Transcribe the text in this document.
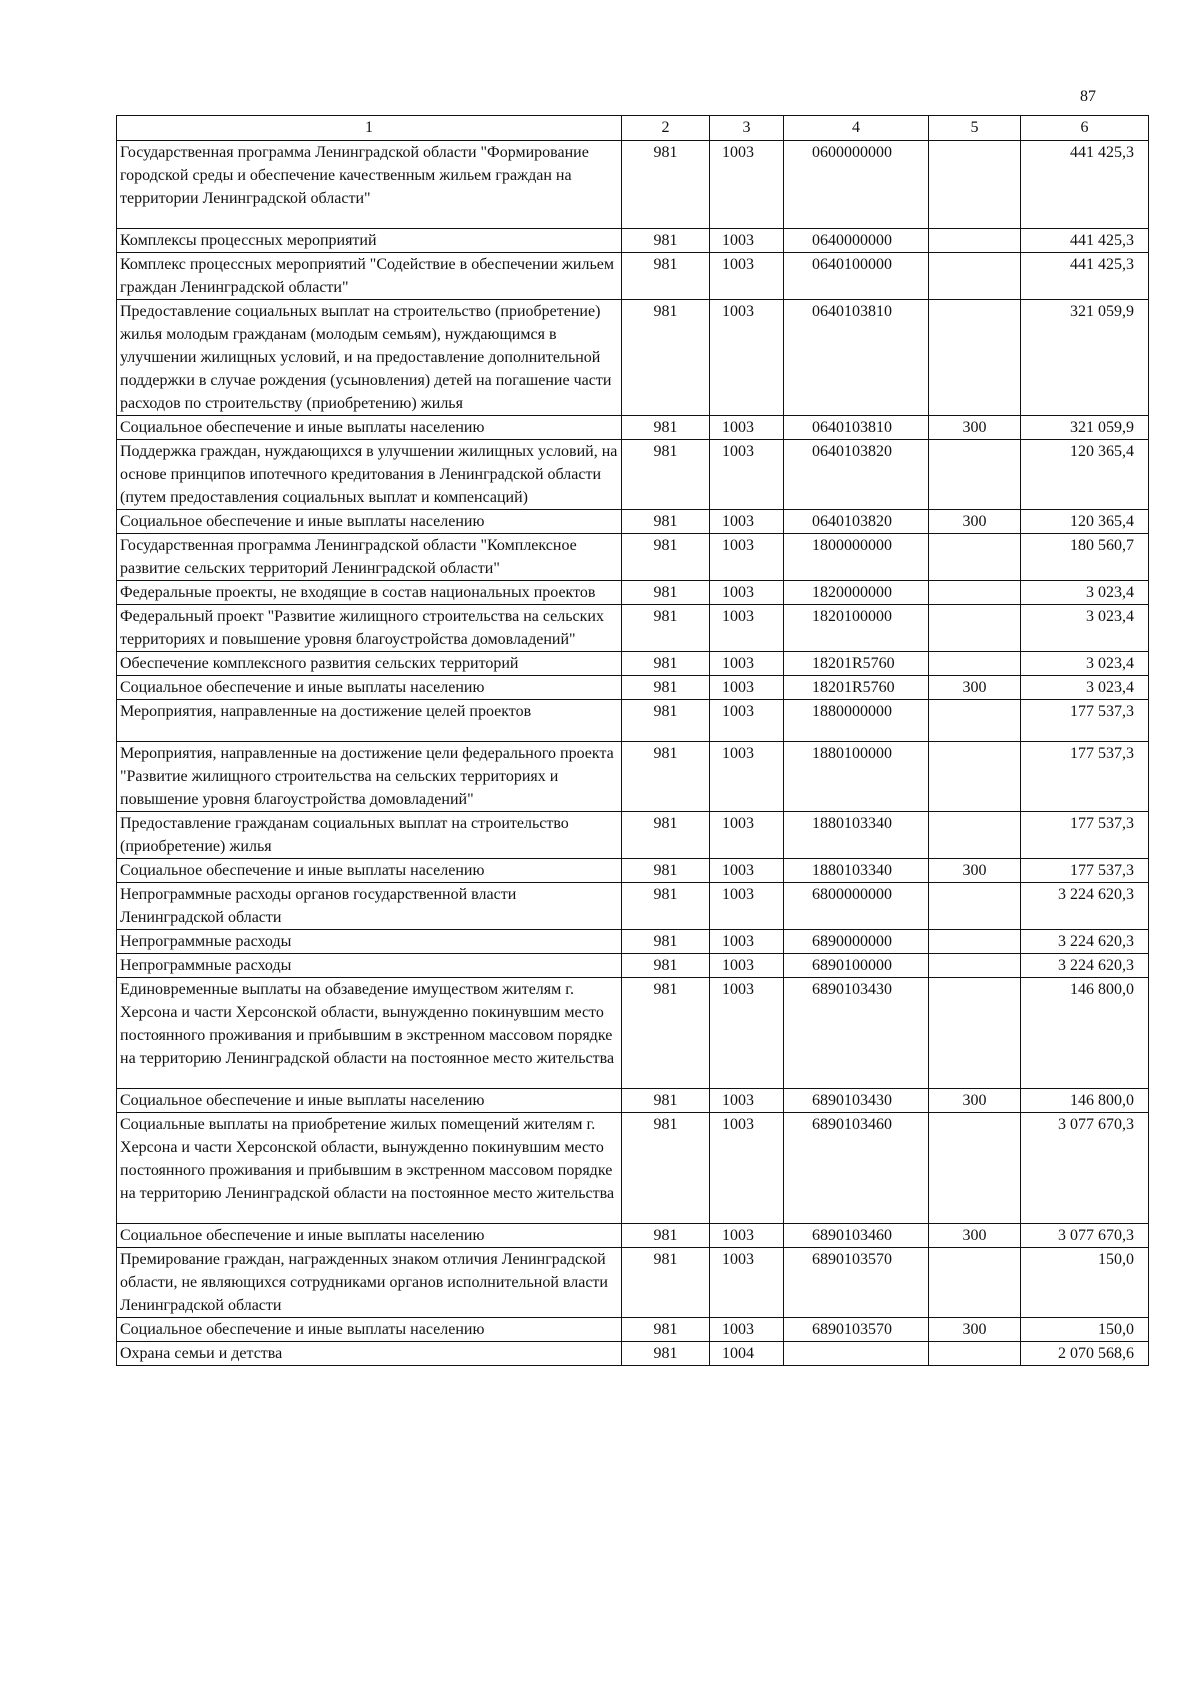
87
1	2	3	4	5	6
Государственная программа Ленинградской области "Формирование городской среды и обеспечение качественным жильем граждан на территории Ленинградской области"	981	1003	0600000000		441 425,3
Комплексы процессных мероприятий	981	1003	0640000000		441 425,3
Комплекс процессных мероприятий "Содействие в обеспечении жильем граждан Ленинградской области"	981	1003	0640100000		441 425,3
Предоставление социальных выплат на строительство (приобретение) жилья молодым гражданам (молодым семьям), нуждающимся в улучшении жилищных условий, и на предоставление дополнительной поддержки в случае рождения (усыновления) детей на погашение части расходов по строительству (приобретению) жилья	981	1003	0640103810		321 059,9
Социальное обеспечение и иные выплаты населению	981	1003	0640103810	300	321 059,9
Поддержка граждан, нуждающихся в улучшении жилищных условий, на основе принципов ипотечного кредитования в Ленинградской области (путем предоставления социальных выплат и компенсаций)	981	1003	0640103820		120 365,4
Социальное обеспечение и иные выплаты населению	981	1003	0640103820	300	120 365,4
Государственная программа Ленинградской области "Комплексное развитие сельских территорий Ленинградской области"	981	1003	1800000000		180 560,7
Федеральные проекты, не входящие в состав национальных проектов	981	1003	1820000000		3 023,4
Федеральный проект "Развитие жилищного строительства на сельских территориях и повышение уровня благоустройства домовладений"	981	1003	1820100000		3 023,4
Обеспечение комплексного развития сельских территорий	981	1003	18201R5760		3 023,4
Социальное обеспечение и иные выплаты населению	981	1003	18201R5760	300	3 023,4
Мероприятия, направленные на достижение целей проектов	981	1003	1880000000		177 537,3
Мероприятия, направленные на достижение цели федерального проекта "Развитие жилищного строительства на сельских территориях и повышение уровня благоустройства домовладений"	981	1003	1880100000		177 537,3
Предоставление гражданам социальных выплат на строительство (приобретение) жилья	981	1003	1880103340		177 537,3
Социальное обеспечение и иные выплаты населению	981	1003	1880103340	300	177 537,3
Непрограммные расходы органов государственной власти Ленинградской области	981	1003	6800000000		3 224 620,3
Непрограммные расходы	981	1003	6890000000		3 224 620,3
Непрограммные расходы	981	1003	6890100000		3 224 620,3
Единовременные выплаты на обзаведение имуществом жителям г. Херсона и части Херсонской области, вынужденно покинувшим место постоянного проживания и прибывшим в экстренном массовом порядке на территорию Ленинградской области на постоянное место жительства	981	1003	6890103430		146 800,0
Социальное обеспечение и иные выплаты населению	981	1003	6890103430	300	146 800,0
Социальные выплаты на приобретение жилых помещений жителям г. Херсона и части Херсонской области, вынужденно покинувшим место постоянного проживания и прибывшим в экстренном массовом порядке на территорию Ленинградской области на постоянное место жительства	981	1003	6890103460		3 077 670,3
Социальное обеспечение и иные выплаты населению	981	1003	6890103460	300	3 077 670,3
Премирование граждан, награжденных знаком отличия Ленинградской области, не являющихся сотрудниками органов исполнительной власти Ленинградской области	981	1003	6890103570		150,0
Социальное обеспечение и иные выплаты населению	981	1003	6890103570	300	150,0
Охрана семьи и детства	981	1004			2 070 568,6
